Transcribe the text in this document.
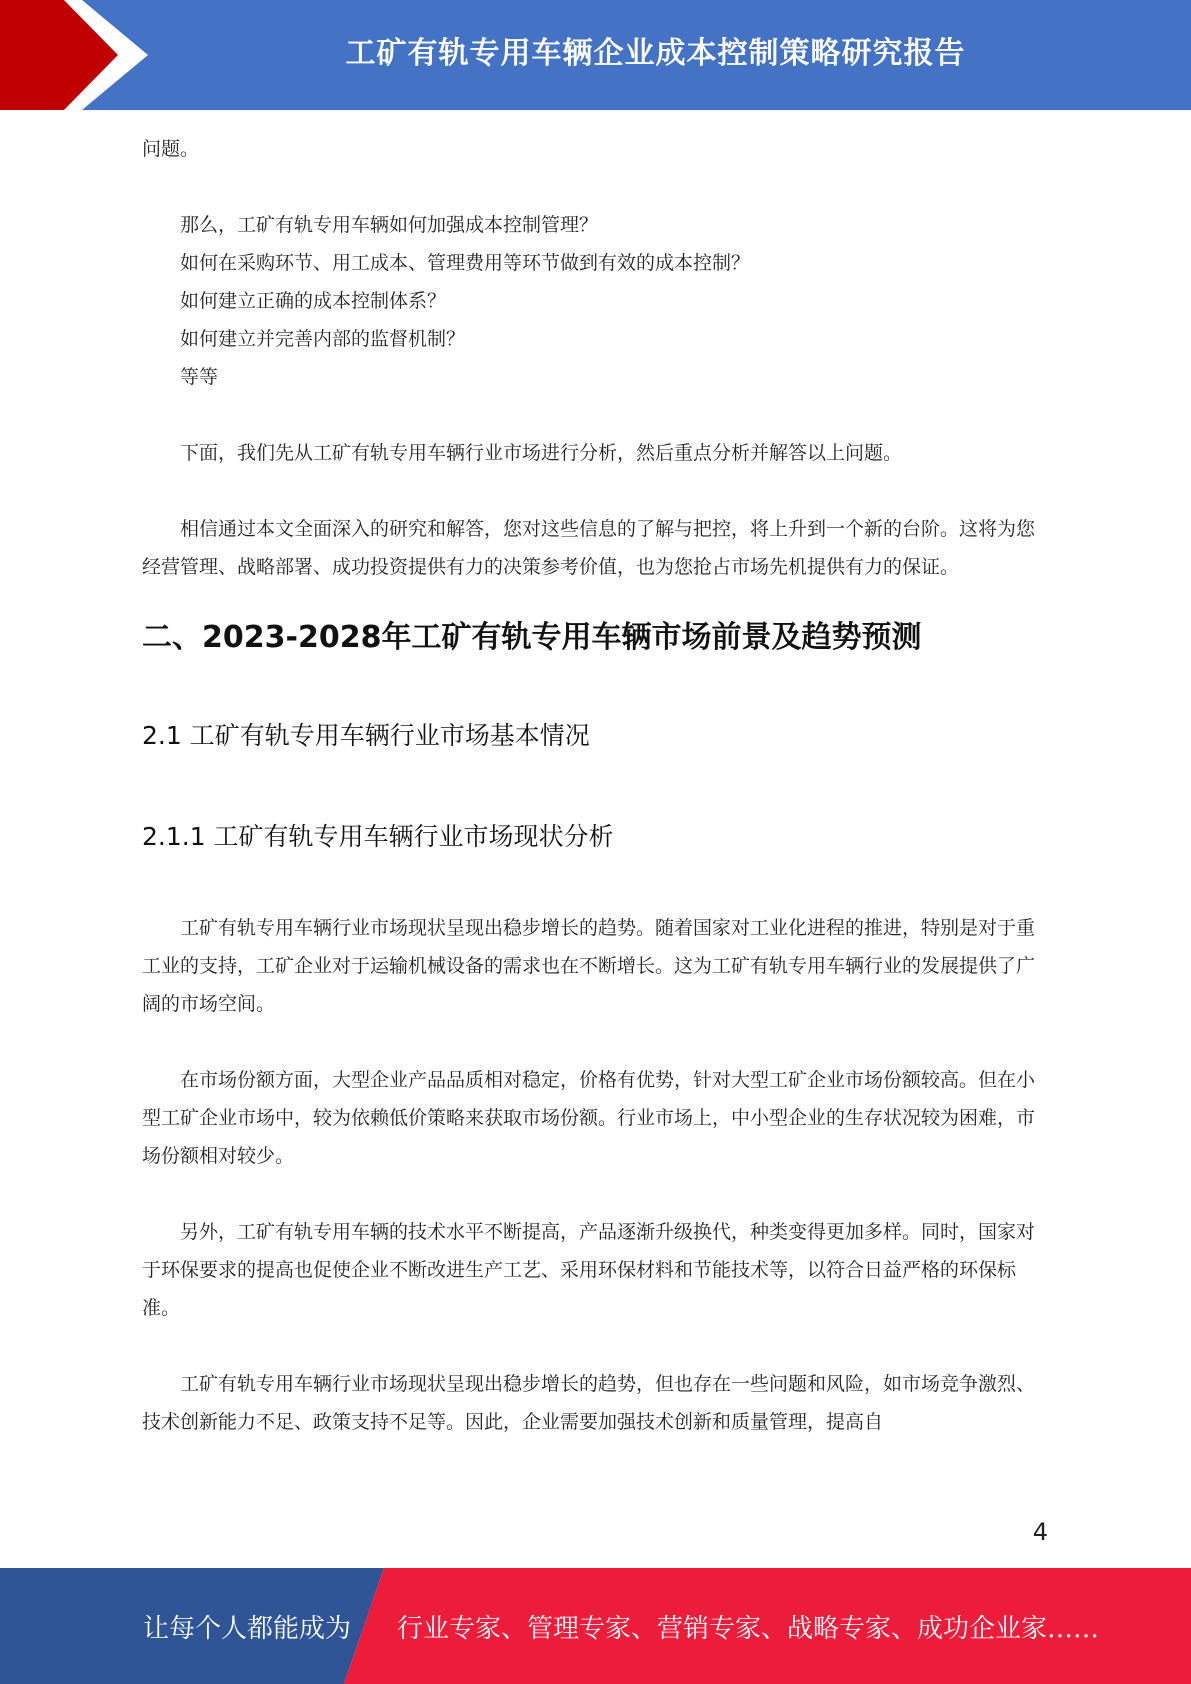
工矿有轨专用车辆企业成本控制策略研究报告

问题。

那么，工矿有轨专用车辆如何加强成本控制管理？

如何在采购环节、用工成本、管理费用等环节做到有效的成本控制？

如何建立正确的成本控制体系？

如何建立并完善内部的监督机制？

等等

下面，我们先从工矿有轨专用车辆行业市场进行分析，然后重点分析并解答以上问题。

相信通过本文全面深入的研究和解答，您对这些信息的了解与把控，将上升到一个新的台阶。这将为您经营管理、战略部署、成功投资提供有力的决策参考价值，也为您抢占市场先机提供有力的保证。

二、2023-2028年工矿有轨专用车辆市场前景及趋势预测

2.1 工矿有轨专用车辆行业市场基本情况

2.1.1 工矿有轨专用车辆行业市场现状分析

工矿有轨专用车辆行业市场现状呈现出稳步增长的趋势。随着国家对工业化进程的推进，特别是对于重工业的支持，工矿企业对于运输机械设备的需求也在不断增长。这为工矿有轨专用车辆行业的发展提供了广阔的市场空间。

在市场份额方面，大型企业产品品质相对稳定，价格有优势，针对大型工矿企业市场份额较高。但在小型工矿企业市场中，较为依赖低价策略来获取市场份额。行业市场上，中小型企业的生存状况较为困难，市场份额相对较少。

另外，工矿有轨专用车辆的技术水平不断提高，产品逐渐升级换代，种类变得更加多样。同时，国家对于环保要求的提高也促使企业不断改进生产工艺、采用环保材料和节能技术等，以符合日益严格的环保标准。

工矿有轨专用车辆行业市场现状呈现出稳步增长的趋势，但也存在一些问题和风险，如市场竞争激烈、技术创新能力不足、政策支持不足等。因此，企业需要加强技术创新和质量管理，提高自

4
让每个人都能成为 行业专家、管理专家、营销专家、战略专家、成功企业家……
